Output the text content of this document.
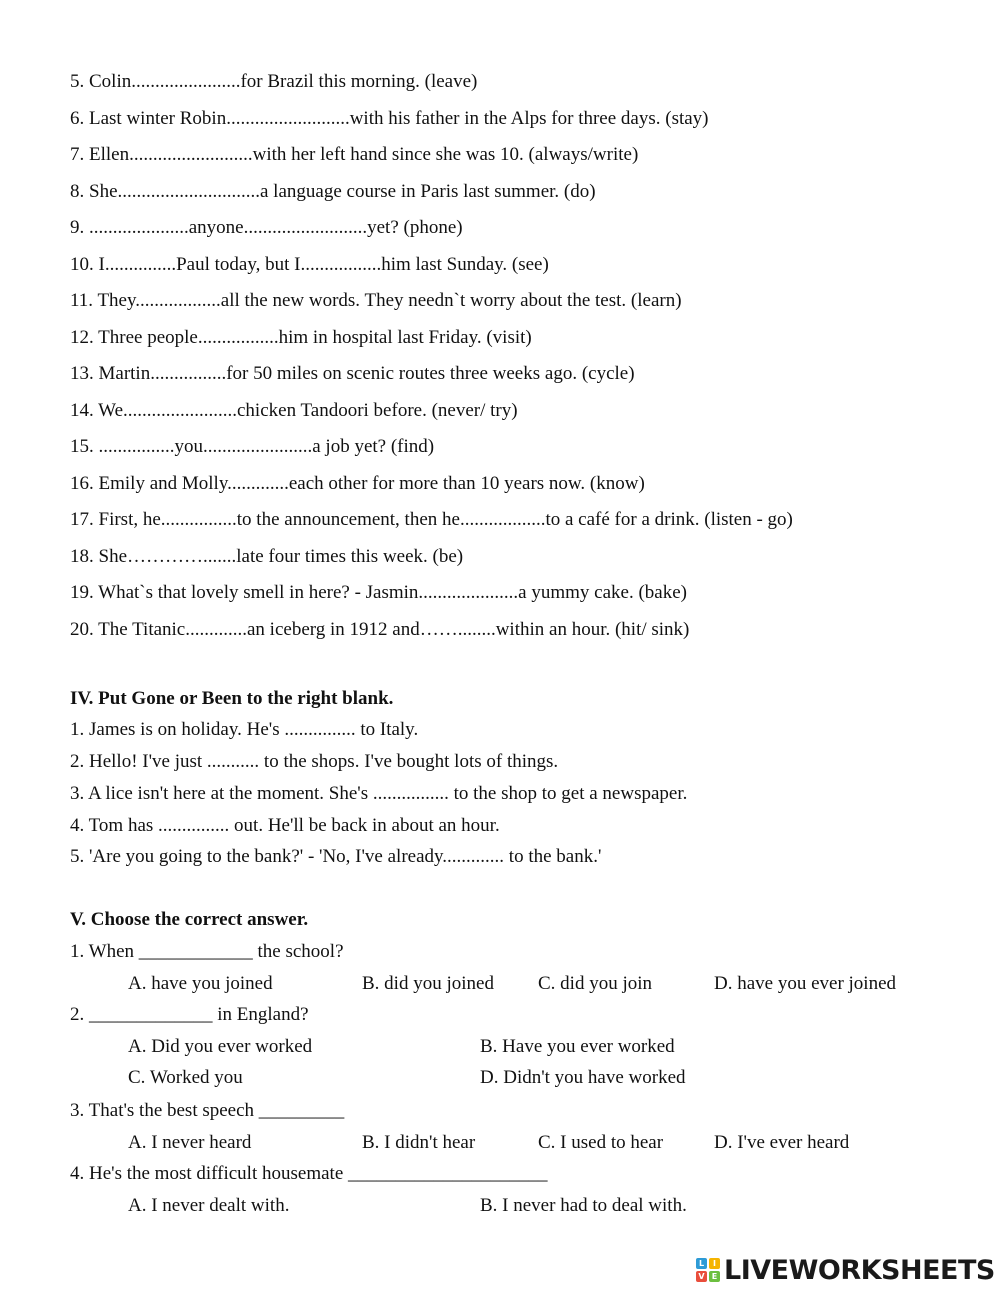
5. Colin.......................for Brazil this morning. (leave)
6. Last winter Robin..........................with his father in the Alps for three days. (stay)
7. Ellen..........................with her left hand since she was 10. (always/write)
8. She..............................a language course in Paris last summer. (do)
9. .....................anyone..........................yet? (phone)
10. I...............Paul today, but I.................him last Sunday. (see)
11. They..................all the new words. They needn`t worry about the test. (learn)
12. Three people.................him in hospital last Friday. (visit)
13. Martin................for 50 miles on scenic routes three weeks ago. (cycle)
14. We........................chicken Tandoori before. (never/ try)
15. ................you.......................a job yet? (find)
16. Emily and Molly.............each other for more than 10 years now. (know)
17. First, he................to the announcement, then he..................to a café for a drink. (listen - go)
18. She………….......late four times this week. (be)
19. What`s that lovely smell in here? - Jasmin.....................a yummy cake. (bake)
20. The Titanic.............an iceberg in 1912 and……........within an hour. (hit/ sink)
IV. Put Gone or Been to the right blank.
1. James is on holiday. He's ............... to Italy.
2. Hello! I've just ........... to the shops. I've bought lots of things.
3. A lice isn't here at the moment. She's ................ to the shop to get a newspaper.
4. Tom has ............... out. He'll be back in about an hour.
5. 'Are you going to the bank?' - 'No, I've already............. to the bank.'
V. Choose the correct answer.
1. When ____________ the school?
A. have you joined	B. did you joined C. did you join	D. have you ever joined
2. _____________ in England?
A. Did you ever worked	B. Have you ever worked
C. Worked you	D. Didn't you have worked
3. That's the best speech _________
A. I never heard	B. I didn't hear	C. I used to hear	D. I've ever heard
4. He's the most difficult housemate _____________________
A. I never dealt with.	B. I never had to deal with.
L	I
V E LIVEWORKSHEETS
